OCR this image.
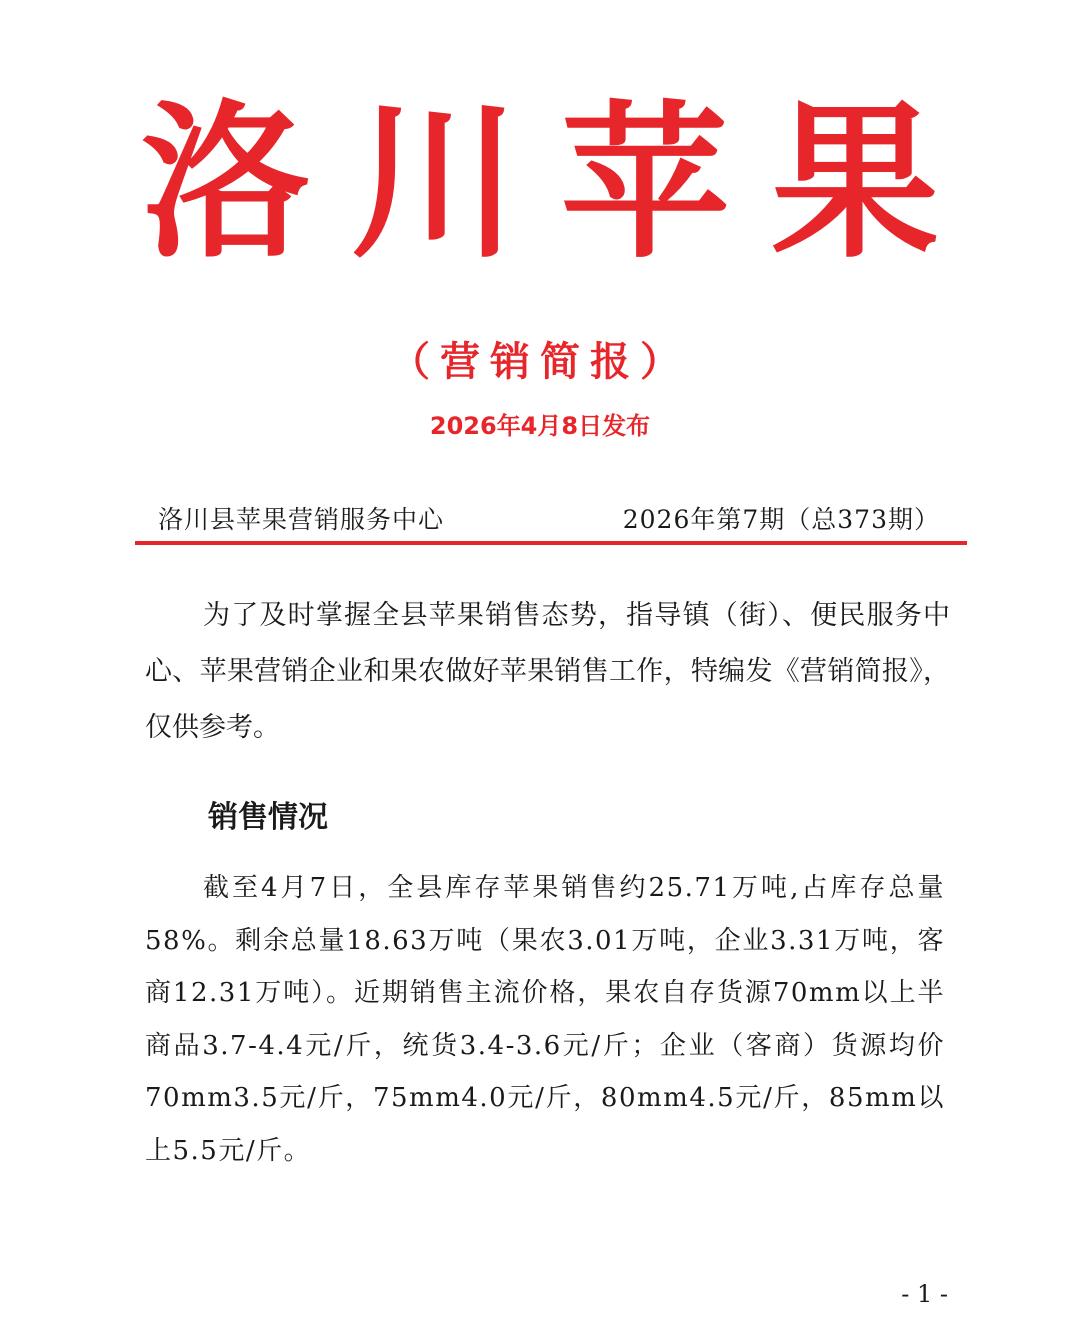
洛川苹果
（营销简报）
2026年4月8日发布
洛川县苹果营销服务中心	2026年第7期（总373期）

为了及时掌握全县苹果销售态势，指导镇（街）、便民服务中心、苹果营销企业和果农做好苹果销售工作，特编发《营销简报》，仅供参考。

销售情况

截至4月7日，全县库存苹果销售约25.71万吨,占库存总量58%。剩余总量18.63万吨（果农3.01万吨，企业3.31万吨，客商12.31万吨）。近期销售主流价格，果农自存货源70mm以上半商品3.7-4.4元/斤，统货3.4-3.6元/斤；企业（客商）货源均价70mm3.5元/斤，75mm4.0元/斤，80mm4.5元/斤，85mm以上5.5元/斤。

- 1 -
